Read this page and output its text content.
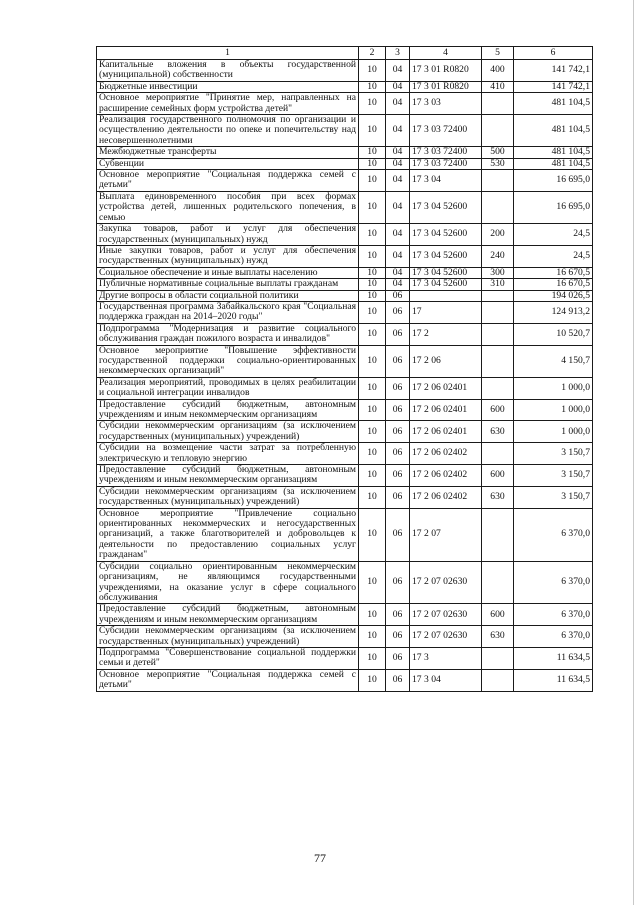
1	2	3	4	5	6
Капитальные вложения в объекты государственной (муниципальной) собственности	10	04	17 3 01 R0820	400	141 742,1
Бюджетные инвестиции	10	04	17 3 01 R0820	410	141 742,1
Основное мероприятие "Принятие мер, направленных на расширение семейных форм устройства детей"	10	04	17 3 03		481 104,5
Реализация государственного полномочия по организации и осуществлению деятельности по опеке и попечительству над несовершеннолетними	10	04	17 3 03 72400		481 104,5
Межбюджетные трансферты	10	04	17 3 03 72400	500	481 104,5
Субвенции	10	04	17 3 03 72400	530	481 104,5
Основное мероприятие "Социальная поддержка семей с детьми"	10	04	17 3 04		16 695,0
Выплата единовременного пособия при всех формах устройства детей, лишенных родительского попечения, в семью	10	04	17 3 04 52600		16 695,0
Закупка товаров, работ и услуг для обеспечения государственных (муниципальных) нужд	10	04	17 3 04 52600	200	24,5
Иные закупки товаров, работ и услуг для обеспечения государственных (муниципальных) нужд	10	04	17 3 04 52600	240	24,5
Социальное обеспечение и иные выплаты населению	10	04	17 3 04 52600	300	16 670,5
Публичные нормативные социальные выплаты гражданам	10	04	17 3 04 52600	310	16 670,5
Другие вопросы в области социальной политики	10	06			194 026,5
Государственная программа Забайкальского края "Социальная поддержка граждан на 2014–2020 годы"	10	06	17		124 913,2
Подпрограмма "Модернизация и развитие социального обслуживания граждан пожилого возраста и инвалидов"	10	06	17 2		10 520,7
Основное мероприятие "Повышение эффективности государственной поддержки социально-ориентированных некоммерческих организаций"	10	06	17 2 06		4 150,7
Реализация мероприятий, проводимых в целях реабилитации и социальной интеграции инвалидов	10	06	17 2 06 02401		1 000,0
Предоставление субсидий бюджетным, автономным учреждениям и иным некоммерческим организациям	10	06	17 2 06 02401	600	1 000,0
Субсидии некоммерческим организациям (за исключением государственных (муниципальных) учреждений)	10	06	17 2 06 02401	630	1 000,0
Субсидии на возмещение части затрат за потребленную электрическую и тепловую энергию	10	06	17 2 06 02402		3 150,7
Предоставление субсидий бюджетным, автономным учреждениям и иным некоммерческим организациям	10	06	17 2 06 02402	600	3 150,7
Субсидии некоммерческим организациям (за исключением государственных (муниципальных) учреждений)	10	06	17 2 06 02402	630	3 150,7
Основное мероприятие "Привлечение социально ориентированных некоммерческих и негосударственных организаций, а также благотворителей и добровольцев к деятельности по предоставлению социальных услуг гражданам"	10	06	17 2 07		6 370,0
Субсидии социально ориентированным некоммерческим организациям, не являющимся государственными учреждениями, на оказание услуг в сфере социального обслуживания	10	06	17 2 07 02630		6 370,0
Предоставление субсидий бюджетным, автономным учреждениям и иным некоммерческим организациям	10	06	17 2 07 02630	600	6 370,0
Субсидии некоммерческим организациям (за исключением государственных (муниципальных) учреждений)	10	06	17 2 07 02630	630	6 370,0
Подпрограмма "Совершенствование социальной поддержки семьи и детей"	10	06	17 3		11 634,5
Основное мероприятие "Социальная поддержка семей с детьми"	10	06	17 3 04		11 634,5
77
